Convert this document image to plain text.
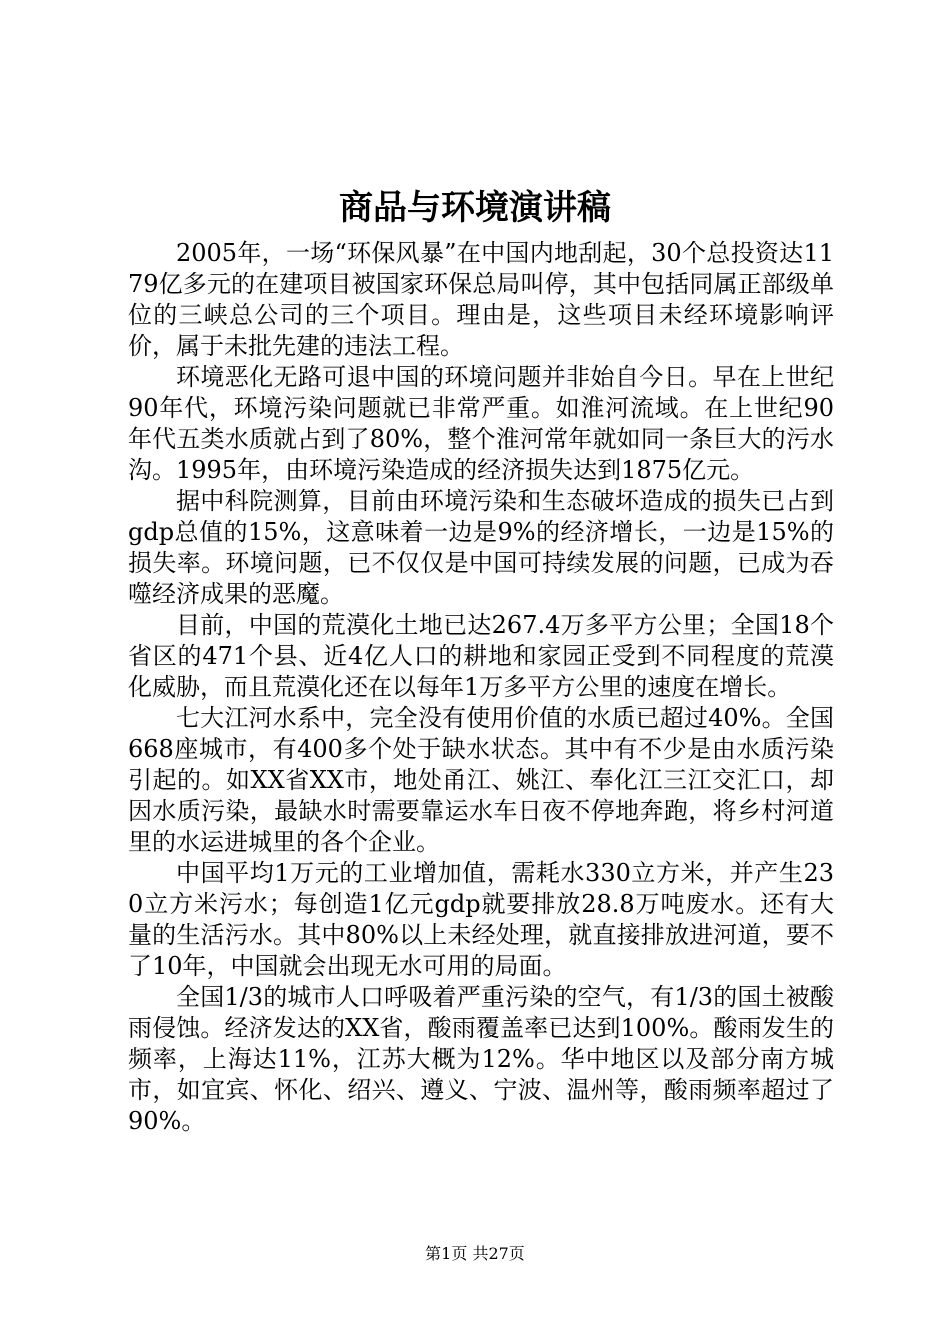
商品与环境演讲稿

2005年，一场“环保风暴”在中国内地刮起，30个总投资达1179亿多元的在建项目被国家环保总局叫停，其中包括同属正部级单位的三峡总公司的三个项目。理由是，这些项目未经环境影响评价，属于未批先建的违法工程。

环境恶化无路可退中国的环境问题并非始自今日。早在上世纪90年代，环境污染问题就已非常严重。如淮河流域。在上世纪90年代五类水质就占到了80%，整个淮河常年就如同一条巨大的污水沟。1995年，由环境污染造成的经济损失达到1875亿元。

据中科院测算，目前由环境污染和生态破坏造成的损失已占到gdp总值的15%，这意味着一边是9%的经济增长，一边是15%的损失率。环境问题，已不仅仅是中国可持续发展的问题，已成为吞噬经济成果的恶魔。

目前，中国的荒漠化土地已达267.4万多平方公里；全国18个省区的471个县、近4亿人口的耕地和家园正受到不同程度的荒漠化威胁，而且荒漠化还在以每年1万多平方公里的速度在增长。

七大江河水系中，完全没有使用价值的水质已超过40%。全国668座城市，有400多个处于缺水状态。其中有不少是由水质污染引起的。如XX省XX市，地处甬江、姚江、奉化江三江交汇口，却因水质污染，最缺水时需要靠运水车日夜不停地奔跑，将乡村河道里的水运进城里的各个企业。

中国平均1万元的工业增加值，需耗水330立方米，并产生230立方米污水；每创造1亿元gdp就要排放28.8万吨废水。还有大量的生活污水。其中80%以上未经处理，就直接排放进河道，要不了10年，中国就会出现无水可用的局面。

全国1/3的城市人口呼吸着严重污染的空气，有1/3的国土被酸雨侵蚀。经济发达的XX省，酸雨覆盖率已达到100%。酸雨发生的频率，上海达11%，江苏大概为12%。华中地区以及部分南方城市，如宜宾、怀化、绍兴、遵义、宁波、温州等，酸雨频率超过了90%。

第1页 共27页
